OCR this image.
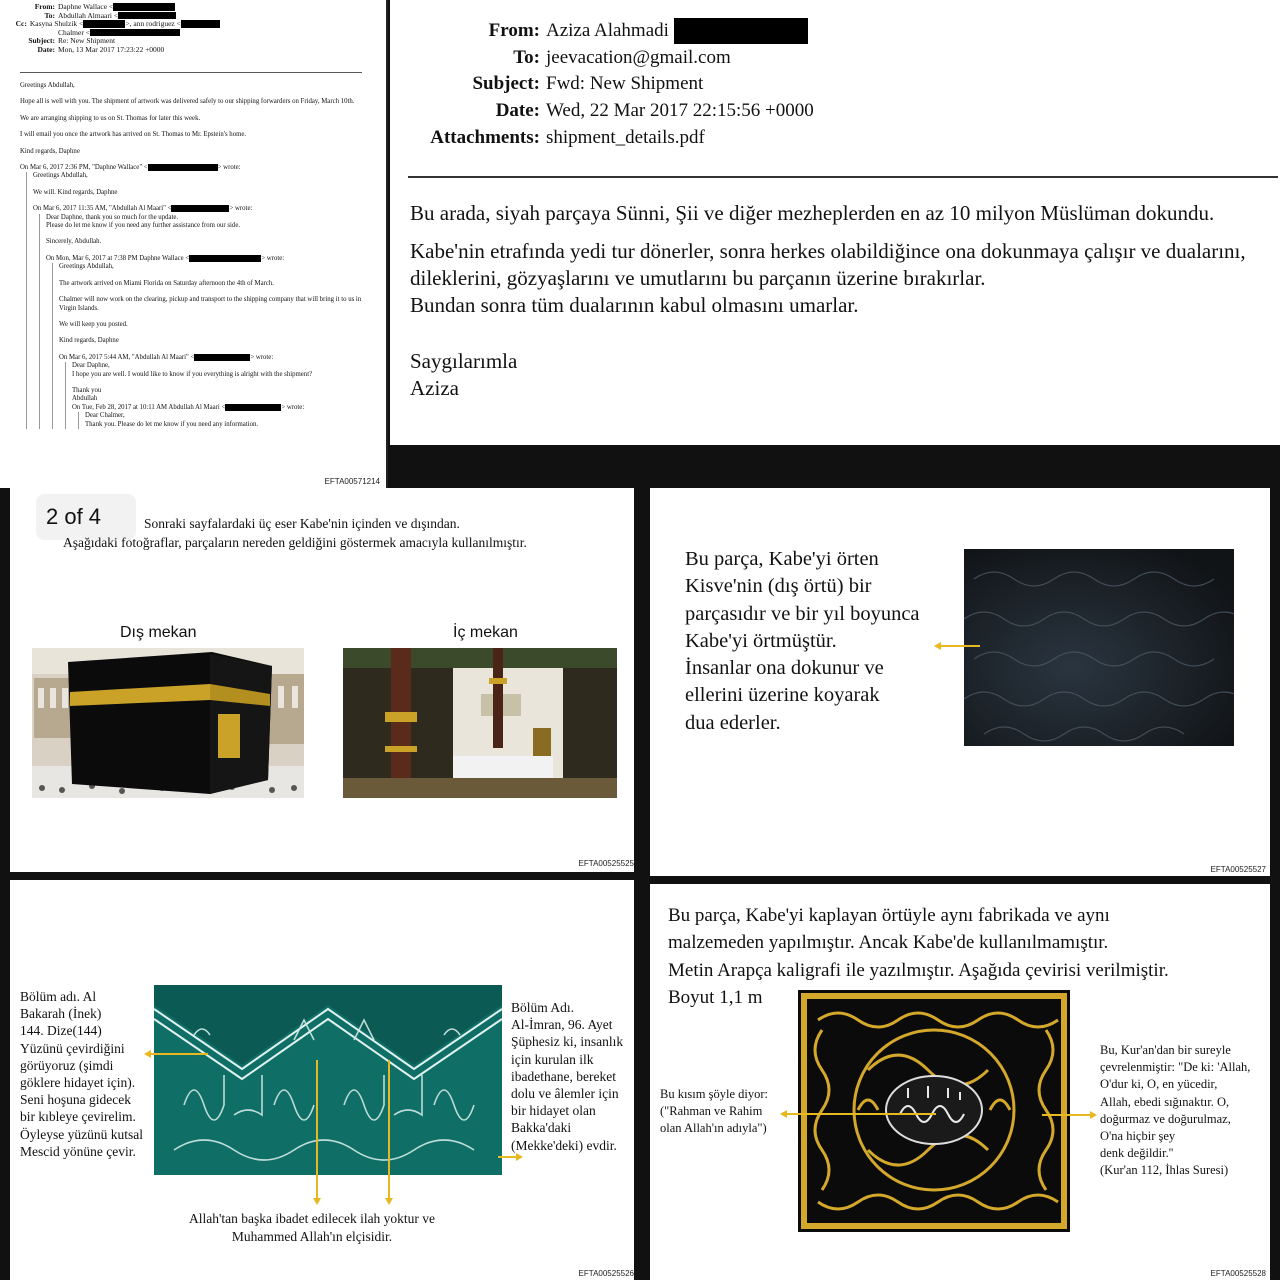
From: Daphne Wallace <
To: Abdullah Almaari <
Cc: Kasyna Shulzik <	>, ann rodriguez <
Chalmer <
Subject: Re: New Shipment
Date: Mon, 13 Mar 2017 17:23:22 +0000

Greetings Abdullah,

Hope all is well with you. The shipment of artwork was delivered safely to our shipping forwarders on Friday, March 10th.

We are arranging shipping to us on St. Thomas for later this week.

I will email you once the artwork has arrived on St. Thomas to Mr. Epstein's home.

Kind regards, Daphne

On Mar 6, 2017 2:36 PM, "Daphne Wallace" <	> wrote:

Greetings Abdullah,

We will. Kind regards, Daphne

On Mar 6, 2017 11:35 AM, "Abdullah Al Maari" <	> wrote:
Dear Daphne, thank you so much for the update.

Please do let me know if you need any further assistance from our side.

Sincerely, Abdullah.

On Mon, Mar 6, 2017 at 7:38 PM Daphne Wallace <	> wrote:

Greetings Abdullah,

The artwork arrived on Miami Florida on Saturday afternoon the 4th of March.

Chalmer will now work on the clearing, pickup and transport to the shipping company that will bring it to us in Virgin Islands.

We will keep you posted.

Kind regards, Daphne

On Mar 6, 2017 5:44 AM, "Abdullah Al Maari" <	> wrote:
Dear Daphne,

I hope you are well. I would like to know if you everything is alright with the shipment?

Thank you
Abdullah
On Tue, Feb 28, 2017 at 10:11 AM Abdullah Al Maari <	> wrote:
Dear Chalmer,
Thank you. Please do let me know if you need any information.
EFTA00571214
From: Aziza Alahmadi

To: jeevacation@gmail.com
Subject: Fwd: New Shipment
Date: Wed, 22 Mar 2017 22:15:56 +0000
Attachments: shipment_details.pdf

Bu arada, siyah parçaya Sünni, Şii ve diğer mezheplerden en az 10 milyon Müslüman dokundu.

Kabe'nin etrafında yedi tur dönerler, sonra herkes olabildiğince ona dokunmaya çalışır ve dualarını, dileklerini, gözyaşlarını ve umutlarını bu parçanın üzerine bırakırlar.

Bundan sonra tüm dualarının kabul olmasını umarlar.

Saygılarımla
Aziza
2 of 4	Sonraki sayfalardaki üç eser Kabe'nin içinden ve dışından.
Aşağıdaki fotoğraflar, parçaların nereden geldiğini göstermek amacıyla kullanılmıştır.
Dış mekan	İç mekan
EFTA00525525
Bu parça, Kabe'yi örten
Kisve'nin (dış örtü) bir
parçasıdır ve bir yıl boyunca
Kabe'yi örtmüştür.
İnsanlar ona dokunur ve
ellerini üzerine koyarak
dua ederler.
EFTA00525527
Bölüm adı. Al
Bakarah (İnek)
144. Dize(144)
Yüzünü çevirdiğini
görüyoruz (şimdi
göklere hidayet için).
Seni hoşuna gidecek
bir kıbleye çevirelim.
Öyleyse yüzünü kutsal
Mescid yönüne çevir.
Bölüm Adı.
Al-İmran, 96. Ayet
Şüphesiz ki, insanlık
için kurulan ilk
ibadethane, bereket
dolu ve âlemler için
bir hidayet olan
Bakka'daki
(Mekke'deki) evdir.
Allah'tan başka ibadet edilecek ilah yoktur ve
Muhammed Allah'ın elçisidir.
EFTA00525526
Bu parça, Kabe'yi kaplayan örtüyle aynı fabrikada ve aynı
malzemeden yapılmıştır. Ancak Kabe'de kullanılmamıştır.
Metin Arapça kaligrafi ile yazılmıştır. Aşağıda çevirisi verilmiştir.
Boyut 1,1 m
Bu kısım şöyle diyor:
("Rahman ve Rahim
olan Allah'ın adıyla")
Bu, Kur'an'dan bir sureyle
çevrelenmiştir: "De ki: 'Allah,
O'dur ki, O, en yücedir,
Allah, ebedi sığınaktır. O,
doğurmaz ve doğurulmaz,
O'na hiçbir şey
denk değildir.''
(Kur'an 112, İhlas Suresi)
EFTA00525528
